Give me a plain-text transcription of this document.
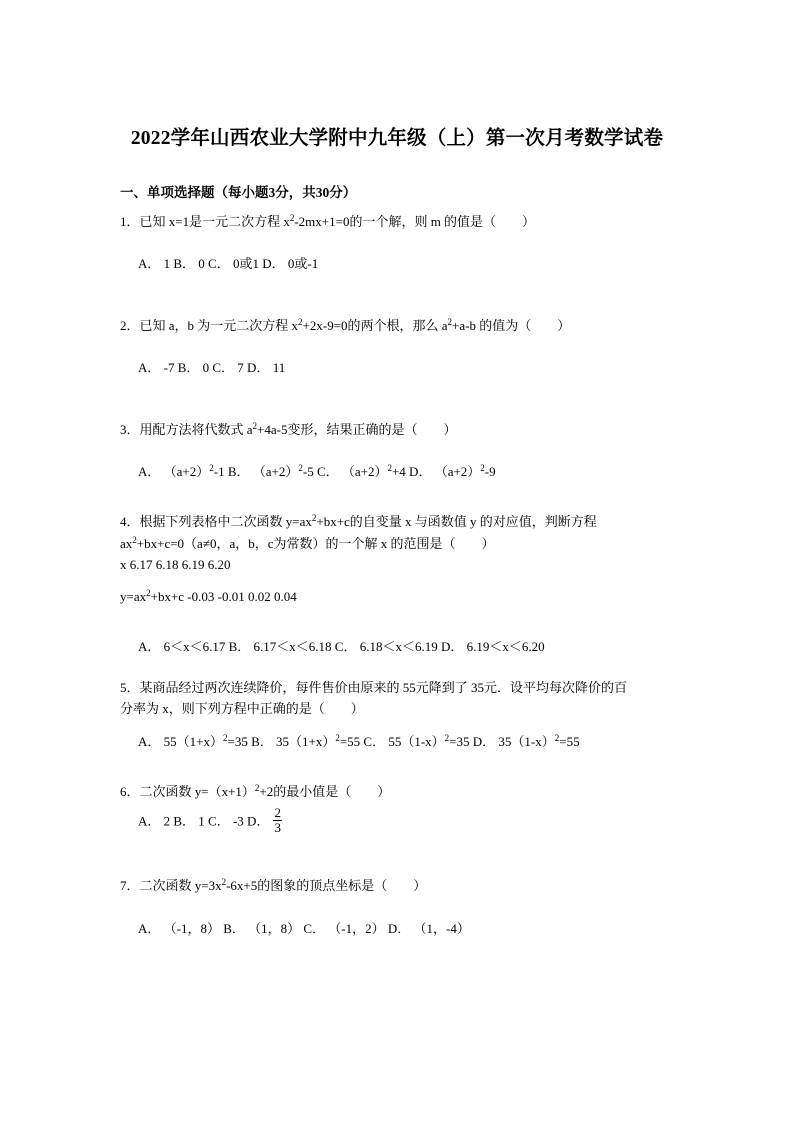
2022学年山西农业大学附中九年级（上）第一次月考数学试卷
一、单项选择题（每小题3分，共30分）
1．已知 x=1是一元二次方程 $x^2-2mx+1=0$的一个解，则 m 的值是（　　）
A． 1 B． 0 C． 0或1 D． 0或-1
2．已知 a，b 为一元二次方程 $x^2+2x-9=0$的两个根，那么 $a^2+a-b$ 的值为（　　）
A． -7 B． 0 C． 7 D． 11
3．用配方法将代数式 $a^2+4a-5$变形，结果正确的是（　　）
A． $(a+2)^2-1$ B． $(a+2)^2-5$ C． $(a+2)^2+4$ D． $(a+2)^2-9$
4．根据下列表格中二次函数 $y=ax^2+bx+c$的自变量 x 与函数值 y 的对应值，判断方程
$ax^2+bx+c=0(a\ne 0$，a，b，c为常数）的一个解 x 的范围是（　　）
x 6.17 6.18 6.19 6.20
$y=ax^2+bx+c$ -0.03 -0.01 0.02 0.04
A． 6＜x＜6.17 B． 6.17＜x＜6.18 C． 6.18＜x＜6.19 D． 6.19＜x＜6.20
5．某商品经过两次连续降价，每件售价由原来的 55元降到了 35元．设平均每次降价的百
分率为 x，则下列方程中正确的是（　　）
A． $55(1+x)^2=35$ B． $35(1+x)^2=55$ C． $55(1-x)^2=35$ D． $35(1-x)^2=55$
6．二次函数 $y=(x+1)^2+2$的最小值是（　　）
A． 2 B． 1 C． -3 D． $\frac{2}{3}$
7．二次函数 $y=3x^2-6x+5$的图象的顶点坐标是（　　）
A． （-1，8） B． （1，8） C． （-1，2） D． （1，-4）
